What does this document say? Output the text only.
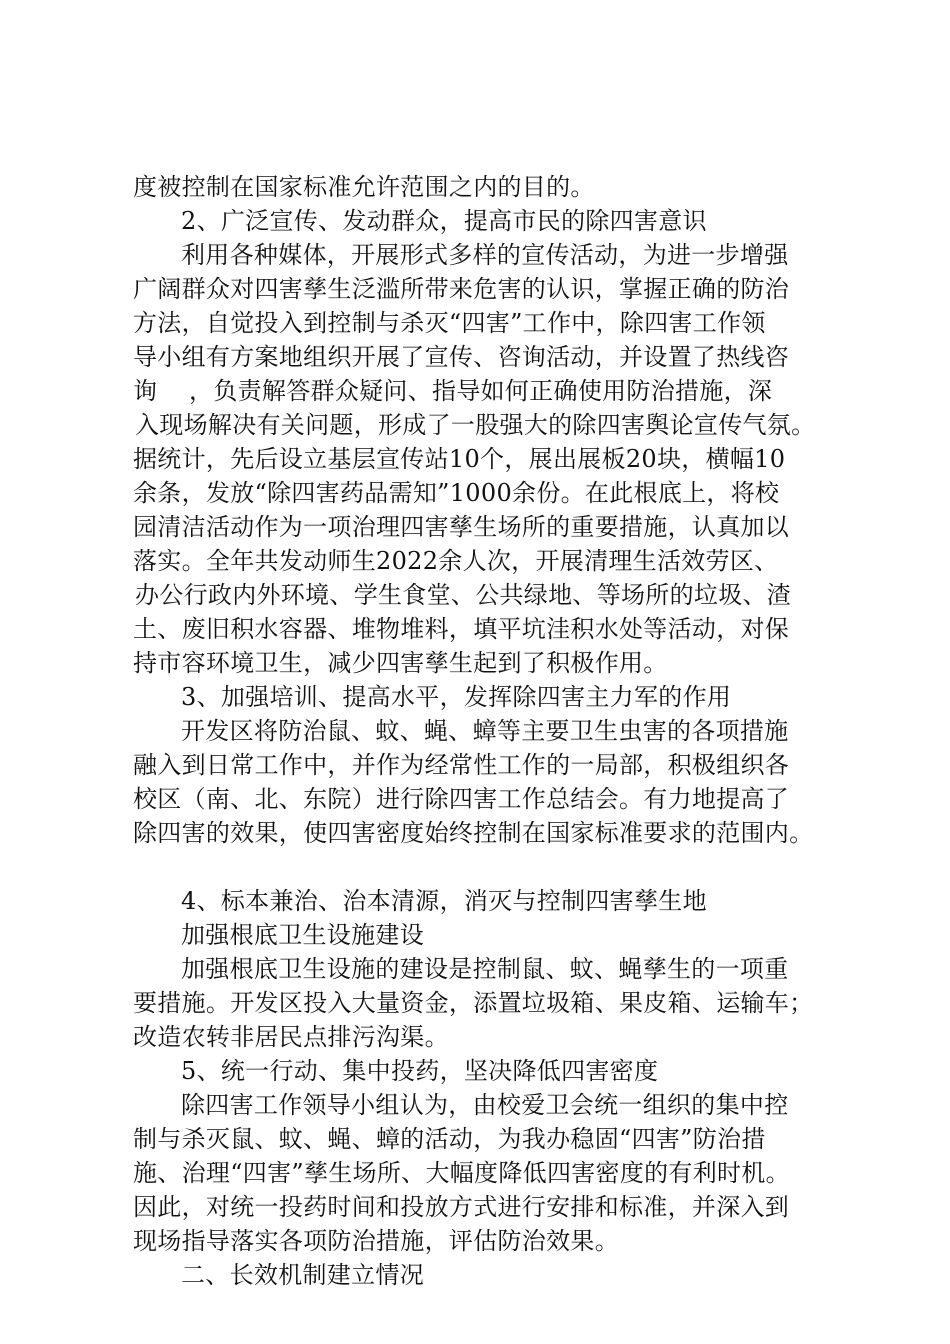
度被控制在国家标准允许范围之内的目的。
2、广泛宣传、发动群众，提高市民的除四害意识
利用各种媒体，开展形式多样的宣传活动，为进一步增强
广阔群众对四害孳生泛滥所带来危害的认识，掌握正确的防治
方法，自觉投入到控制与杀灭“四害”工作中，除四害工作领
导小组有方案地组织开展了宣传、咨询活动，并设置了热线咨
询    ，负责解答群众疑问、指导如何正确使用防治措施，深
入现场解决有关问题，形成了一股强大的除四害舆论宣传气氛。
据统计，先后设立基层宣传站10个，展出展板20块，横幅10
余条，发放“除四害药品需知”1000余份。在此根底上，将校
园清洁活动作为一项治理四害孳生场所的重要措施，认真加以
落实。全年共发动师生2022余人次，开展清理生活效劳区、
办公行政内外环境、学生食堂、公共绿地、等场所的垃圾、渣
土、废旧积水容器、堆物堆料，填平坑洼积水处等活动，对保
持市容环境卫生，减少四害孳生起到了积极作用。
3、加强培训、提高水平，发挥除四害主力军的作用
开发区将防治鼠、蚊、蝇、蟑等主要卫生虫害的各项措施
融入到日常工作中，并作为经常性工作的一局部，积极组织各
校区（南、北、东院）进行除四害工作总结会。有力地提高了
除四害的效果，使四害密度始终控制在国家标准要求的范围内。
4、标本兼治、治本清源，消灭与控制四害孳生地
加强根底卫生设施建设
加强根底卫生设施的建设是控制鼠、蚊、蝇孳生的一项重
要措施。开发区投入大量资金，添置垃圾箱、果皮箱、运输车；
改造农转非居民点排污沟渠。
5、统一行动、集中投药，坚决降低四害密度
除四害工作领导小组认为，由校爱卫会统一组织的集中控
制与杀灭鼠、蚊、蝇、蟑的活动，为我办稳固“四害”防治措
施、治理“四害”孳生场所、大幅度降低四害密度的有利时机。
因此，对统一投药时间和投放方式进行安排和标准，并深入到
现场指导落实各项防治措施，评估防治效果。
二、长效机制建立情况
